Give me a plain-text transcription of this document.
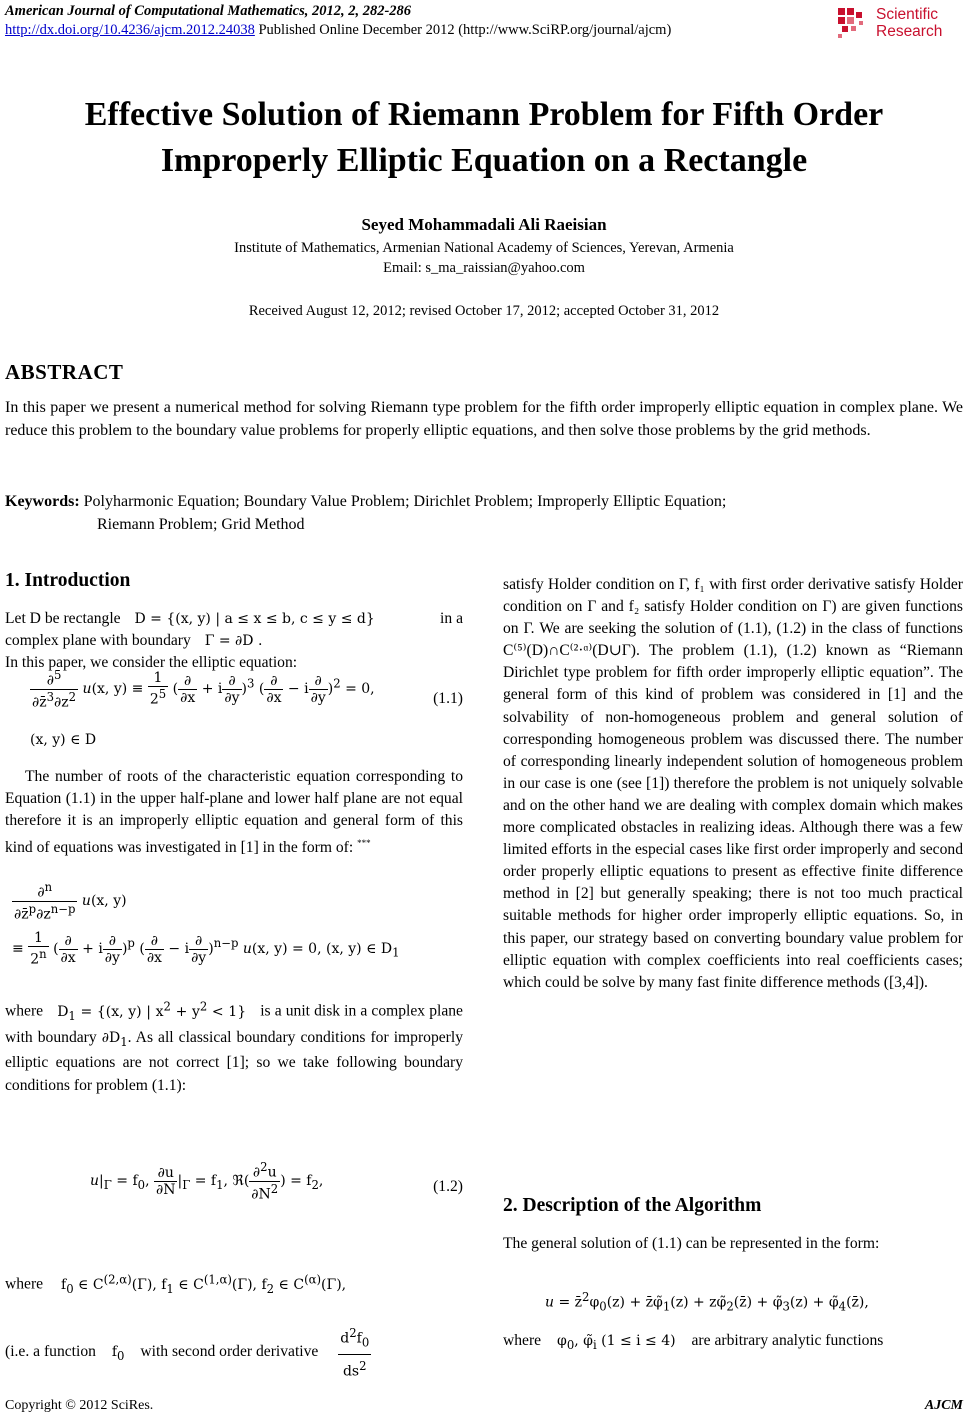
American Journal of Computational Mathematics, 2012, 2, 282-286
http://dx.doi.org/10.4236/ajcm.2012.24038 Published Online December 2012 (http://www.SciRP.org/journal/ajcm)
Scientific
Research
Effective Solution of Riemann Problem for Fifth Order
Improperly Elliptic Equation on a Rectangle
Seyed Mohammadali Ali Raeisian
Institute of Mathematics, Armenian National Academy of Sciences, Yerevan, Armenia
Email: s_ma_raissian@yahoo.com
Received August 12, 2012; revised October 17, 2012; accepted October 31, 2012
ABSTRACT
In this paper we present a numerical method for solving Riemann type problem for the fifth order improperly elliptic equation in complex plane. We reduce this problem to the boundary value problems for properly elliptic equations, and then solve those problems by the grid methods.
Keywords: Polyharmonic Equation; Boundary Value Problem; Dirichlet Problem; Improperly Elliptic Equation;
Riemann Problem; Grid Method
1. Introduction
Let D be rectangle D = {(x, y) | a ≤ x ≤ b, c ≤ y ≤ d}	in a

complex plane with boundary Γ = ∂D .
In this paper, we consider the elliptic equation:
$\frac{\partial^5}{\partial z̄^3\partial z^2} u(x$, $y) \equiv \frac{1}{2^5}$ ( $\frac{\partial}{\partial x} + i \frac{\partial}{\partial y} )^3$ ( $\frac{\partial}{\partial x} - i \frac{\partial}{\partial y} )^2 = 0$,
(1.1)
(x, y) ∈ D
The number of roots of the characteristic equation corresponding to Equation (1.1) in the upper half-plane and lower half plane are not equal therefore it is an improperly elliptic equation and general form of this kind of equations was investigated in [1] in the form of: ***
$\frac{\partial^n}{\partial z̄^p\partial z^{n-p}} u(x$, y)
≡ $\frac{1}{2^n}$ ( $\frac{\partial}{\partial x} + i \frac{\partial}{\partial y} )^p$ ( $\frac{\partial}{\partial x} - i \frac{\partial}{\partial y} )^{n-p}$ u(x, y) = 0, (x, y) ∈ $D_1$
where $D_1 = \{(x$, y) | $x^2 + y^2 < 1$} is a unit disk in a complex plane with boundary $\partial D_1$. As all classical boundary conditions for improperly elliptic equations are not correct [1]; so we take following boundary conditions for problem (1.1):
$u|_\Gamma = f_0$, $\frac{\partial u}{\partial N} |_\Gamma = f_1$, ℜ( $\frac{\partial^2u}{\partial N^2}$ ) = $f_2$,	(1.2)
where $f_0$ ∈ $C^{(2,\alpha)}(\Gamma)$, $f_1$ ∈ $C^{(1,\alpha)}(\Gamma)$, $f_2$ ∈ $C^{(\alpha)}(\Gamma)$,
(i.e. a function $f_0$ with second order derivative $\frac{d^2f_0}{ds^2}$
satisfy Holder condition on Γ, f₁ with first order derivative satisfy Holder condition on Γ and f₂ satisfy Holder condition on Γ) are given functions on Γ. We are seeking the solution of (1.1), (1.2) in the class of functions C⁽⁵⁾(D)∩C⁽²·ᵅ⁾(D∪Γ). The problem (1.1), (1.2) known as “Riemann Dirichlet type problem for fifth order improperly elliptic equation”. The general form of this kind of problem was considered in [1] and the solvability of non-homogeneous problem and general solution of corresponding homogeneous problem was discussed there. The number of corresponding linearly independent solution of homogeneous problem in our case is one (see [1]) therefore the problem is not uniquely solvable and on the other hand we are dealing with complex domain which makes more complicated obstacles in realizing ideas. Although there was a few limited efforts in the especial cases like first order improperly and second order properly elliptic equations to present as effective finite difference method in [2] but generally speaking; there is not too much practical suitable methods for higher order improperly elliptic equations. So, in this paper, our strategy based on converting boundary value problem for elliptic equation with complex coefficients into real coefficients cases; which could be solve by many fast finite difference methods ([3,4]).
2. Description of the Algorithm
The general solution of (1.1) can be represented in the form:
$u = z̄^2\varphi_0(z)$ + $z̄\varphĩ_1(z)$ + $z\varphĩ_2(z̄)$ + $\varphĩ_3(z)$ + $\varphĩ_4(z̄)$,
where $\varphi_0$, $\varphĩ_i$ (1 ≤ i ≤ 4) are arbitrary analytic functions
Copyright © 2012 SciRes.	AJCM
